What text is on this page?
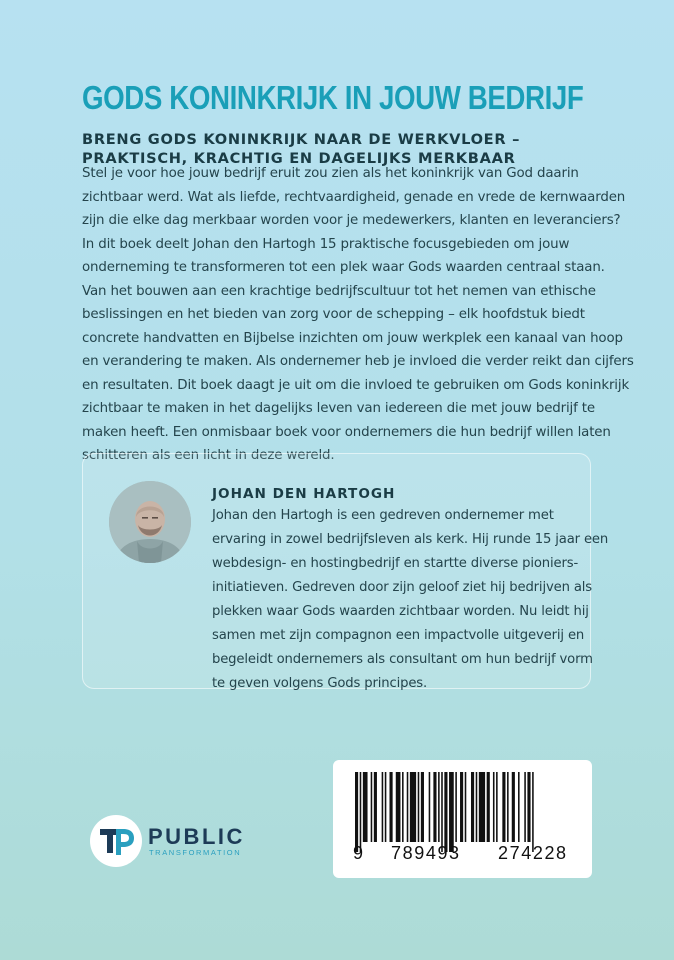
GODS KONINKRIJK IN JOUW BEDRIJF
BRENG GODS KONINKRIJK NAAR DE WERKVLOER –
PRAKTISCH, KRACHTIG EN DAGELIJKS MERKBAAR
Stel je voor hoe jouw bedrijf eruit zou zien als het koninkrijk van God daarin
zichtbaar werd. Wat als liefde, rechtvaardigheid, genade en vrede de kernwaarden
zijn die elke dag merkbaar worden voor je medewerkers, klanten en leveranciers?
In dit boek deelt Johan den Hartogh 15 praktische focusgebieden om jouw
onderneming te transformeren tot een plek waar Gods waarden centraal staan.
Van het bouwen aan een krachtige bedrijfscultuur tot het nemen van ethische
beslissingen en het bieden van zorg voor de schepping – elk hoofdstuk biedt
concrete handvatten en Bijbelse inzichten om jouw werkplek een kanaal van hoop
en verandering te maken. Als ondernemer heb je invloed die verder reikt dan cijfers
en resultaten. Dit boek daagt je uit om die invloed te gebruiken om Gods koninkrijk
zichtbaar te maken in het dagelijks leven van iedereen die met jouw bedrijf te
maken heeft. Een onmisbaar boek voor ondernemers die hun bedrijf willen laten
schitteren als een licht in deze wereld.
JOHAN DEN HARTOGH
Johan den Hartogh is een gedreven ondernemer met
ervaring in zowel bedrijfsleven als kerk. Hij runde 15 jaar een
webdesign- en hostingbedrijf en startte diverse pioniers-
initiatieven. Gedreven door zijn geloof ziet hij bedrijven als
plekken waar Gods waarden zichtbaar worden. Nu leidt hij
samen met zijn compagnon een impactvolle uitgeverij en
begeleidt ondernemers als consultant om hun bedrijf vorm
te geven volgens Gods principes.
PUBLIC
TRANSFORMATION	9 789493 274228
